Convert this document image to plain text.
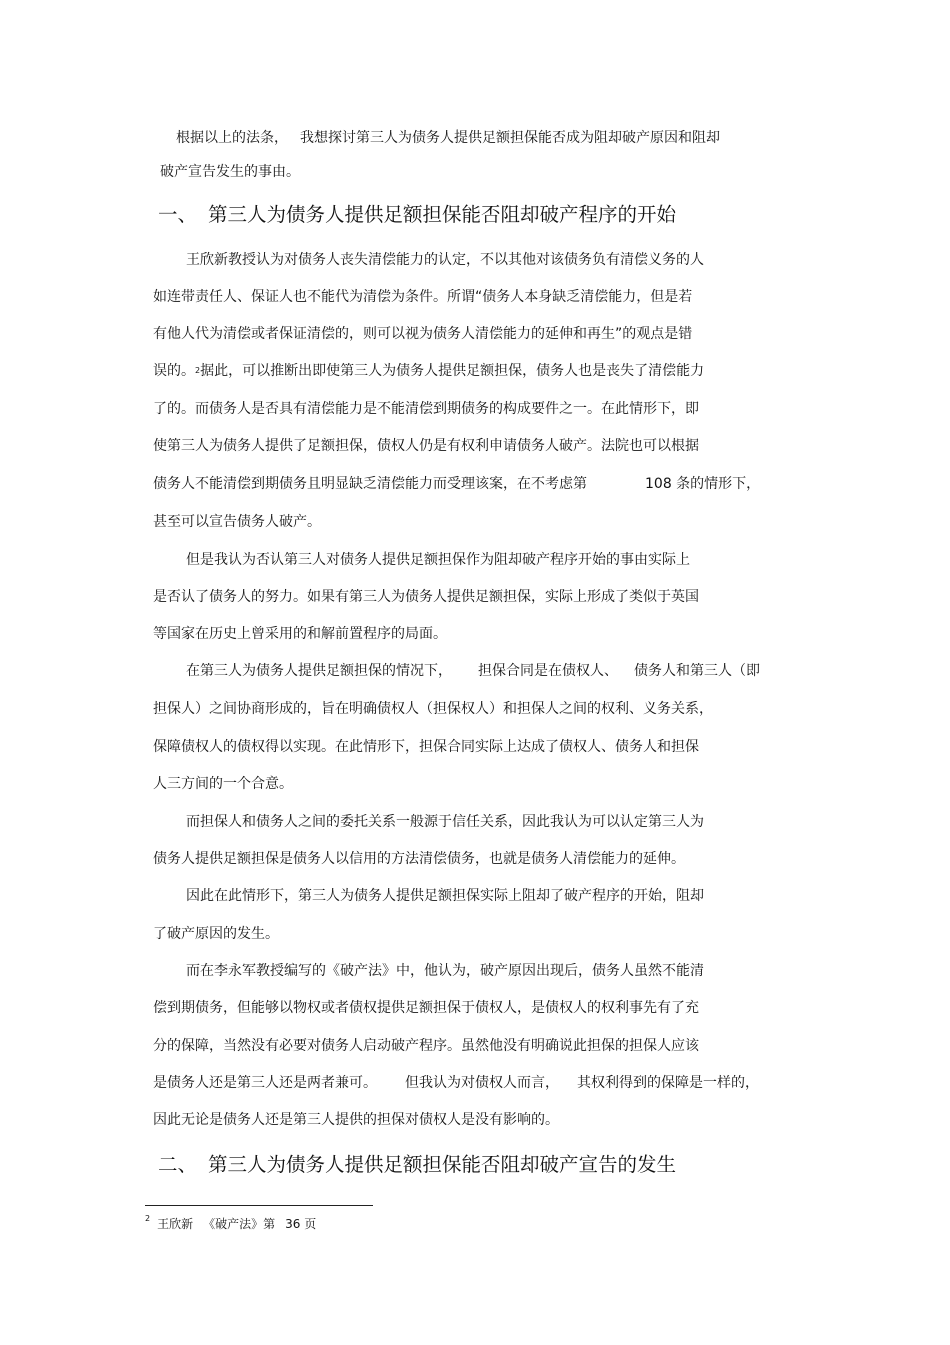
根据以上的法条， 我想探讨第三人为债务人提供足额担保能否成为阻却破产原因和阻却

破产宣告发生的事由。

一、 第三人为债务人提供足额担保能否阻却破产程序的开始

王欣新教授认为对债务人丧失清偿能力的认定，不以其他对该债务负有清偿义务的人

如连带责任人、保证人也不能代为清偿为条件。所谓“债务人本身缺乏清偿能力，但是若

有他人代为清偿或者保证清偿的，则可以视为债务人清偿能力的延伸和再生”的观点是错

误的。$^2$据此，可以推断出即使第三人为债务人提供足额担保，债务人也是丧失了清偿能力

了的。而债务人是否具有清偿能力是不能清偿到期债务的构成要件之一。在此情形下，即

使第三人为债务人提供了足额担保，债权人仍是有权利申请债务人破产。法院也可以根据

债务人不能清偿到期债务且明显缺乏清偿能力而受理该案，在不考虑第	108 条的情形下，

甚至可以宣告债务人破产。

但是我认为否认第三人对债务人提供足额担保作为阻却破产程序开始的事由实际上

是否认了债务人的努力。如果有第三人为债务人提供足额担保，实际上形成了类似于英国

等国家在历史上曾采用的和解前置程序的局面。

在第三人为债务人提供足额担保的情况下， 担保合同是在债权人、 债务人和第三人（即

担保人）之间协商形成的，旨在明确债权人（担保权人）和担保人之间的权利、义务关系，

保障债权人的债权得以实现。在此情形下，担保合同实际上达成了债权人、债务人和担保

人三方间的一个合意。

而担保人和债务人之间的委托关系一般源于信任关系，因此我认为可以认定第三人为

债务人提供足额担保是债务人以信用的方法清偿债务，也就是债务人清偿能力的延伸。

因此在此情形下，第三人为债务人提供足额担保实际上阻却了破产程序的开始，阻却

了破产原因的发生。

而在李永军教授编写的《破产法》中，他认为，破产原因出现后，债务人虽然不能清

偿到期债务，但能够以物权或者债权提供足额担保于债权人，是债权人的权利事先有了充

分的保障，当然没有必要对债务人启动破产程序。虽然他没有明确说此担保的担保人应该

是债务人还是第三人还是两者兼可。 但我认为对债权人而言， 其权利得到的保障是一样的，

因此无论是债务人还是第三人提供的担保对债权人是没有影响的。

二、 第三人为债务人提供足额担保能否阻却破产宣告的发生
$^2$ 王欣新 《破产法》第 36 页
